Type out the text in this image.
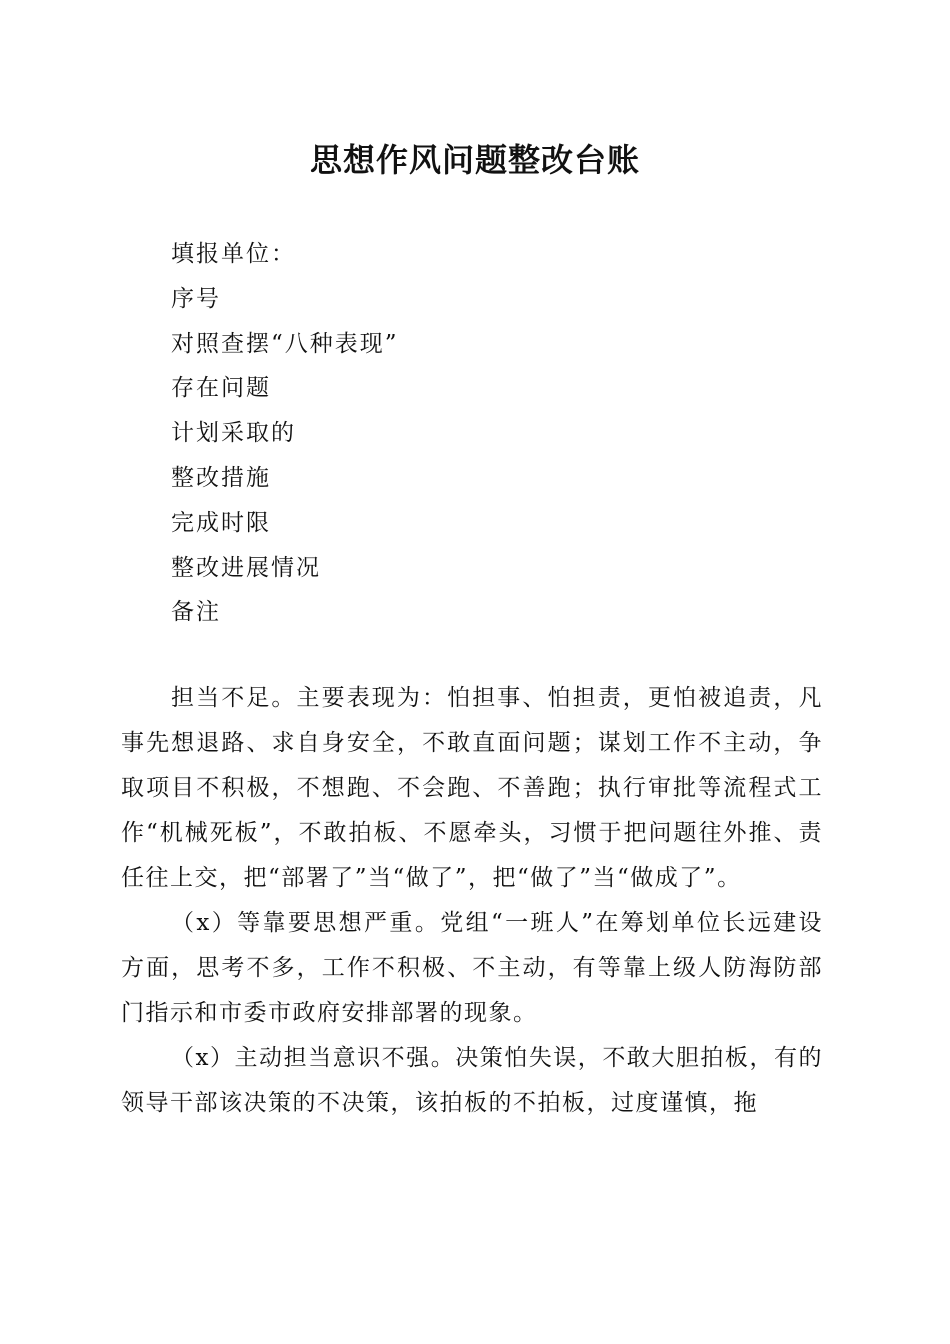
思想作风问题整改台账
填报单位：
序号
对照查摆“八种表现”
存在问题
计划采取的
整改措施
完成时限
整改进展情况
备注

担当不足。主要表现为：怕担事、怕担责，更怕被追责，凡事先想退路、求自身安全，不敢直面问题；谋划工作不主动，争取项目不积极，不想跑、不会跑、不善跑；执行审批等流程式工作“机械死板”，不敢拍板、不愿牵头，习惯于把问题往外推、责任往上交，把“部署了”当“做了”，把“做了”当“做成了”。

（x）等靠要思想严重。党组“一班人”在筹划单位长远建设方面，思考不多，工作不积极、不主动，有等靠上级人防海防部门指示和市委市政府安排部署的现象。

（x）主动担当意识不强。决策怕失误，不敢大胆拍板，有的领导干部该决策的不决策，该拍板的不拍板，过度谨慎，拖
